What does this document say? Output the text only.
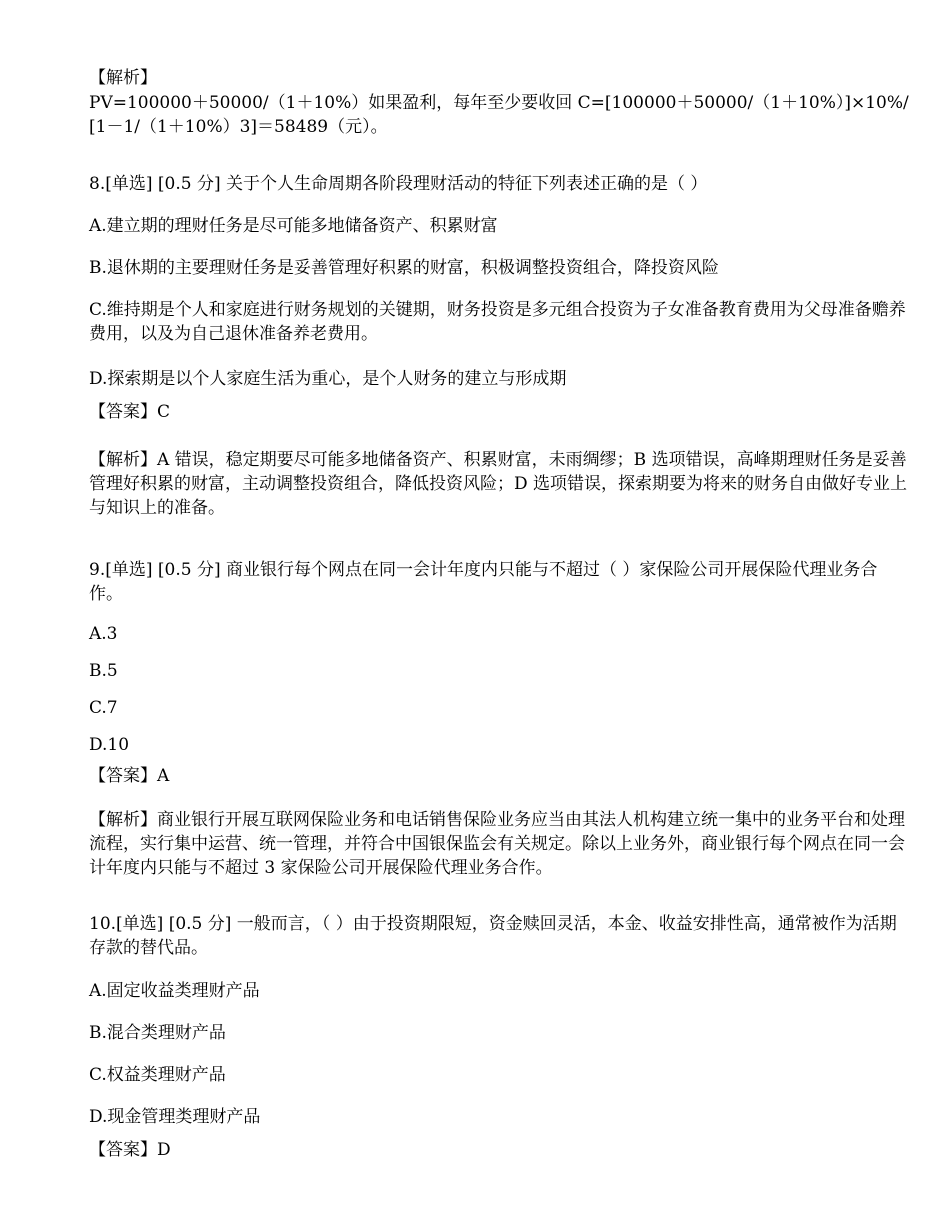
【解析】
PV=100000＋50000/（1＋10%）如果盈利，每年至少要收回 C=[100000＋50000/（1＋10%）]×10%/[1－1/（1＋10%）3]＝58489（元）。
8.[单选] [0.5 分] 关于个人生命周期各阶段理财活动的特征下列表述正确的是（ ）
A.建立期的理财任务是尽可能多地储备资产、积累财富
B.退休期的主要理财任务是妥善管理好积累的财富，积极调整投资组合，降投资风险
C.维持期是个人和家庭进行财务规划的关键期，财务投资是多元组合投资为子女准备教育费用为父母准备赡养费用，以及为自己退休准备养老费用。
D.探索期是以个人家庭生活为重心，是个人财务的建立与形成期
【答案】C
【解析】A 错误，稳定期要尽可能多地储备资产、积累财富，未雨绸缪；B 选项错误，高峰期理财任务是妥善管理好积累的财富，主动调整投资组合，降低投资风险；D 选项错误，探索期要为将来的财务自由做好专业上与知识上的准备。
9.[单选] [0.5 分] 商业银行每个网点在同一会计年度内只能与不超过（ ）家保险公司开展保险代理业务合作。
A.3
B.5
C.7
D.10
【答案】A
【解析】商业银行开展互联网保险业务和电话销售保险业务应当由其法人机构建立统一集中的业务平台和处理流程，实行集中运营、统一管理，并符合中国银保监会有关规定。除以上业务外，商业银行每个网点在同一会计年度内只能与不超过 3 家保险公司开展保险代理业务合作。
10.[单选] [0.5 分] 一般而言，（ ）由于投资期限短，资金赎回灵活，本金、收益安排性高，通常被作为活期存款的替代品。
A.固定收益类理财产品
B.混合类理财产品
C.权益类理财产品
D.现金管理类理财产品
【答案】D
